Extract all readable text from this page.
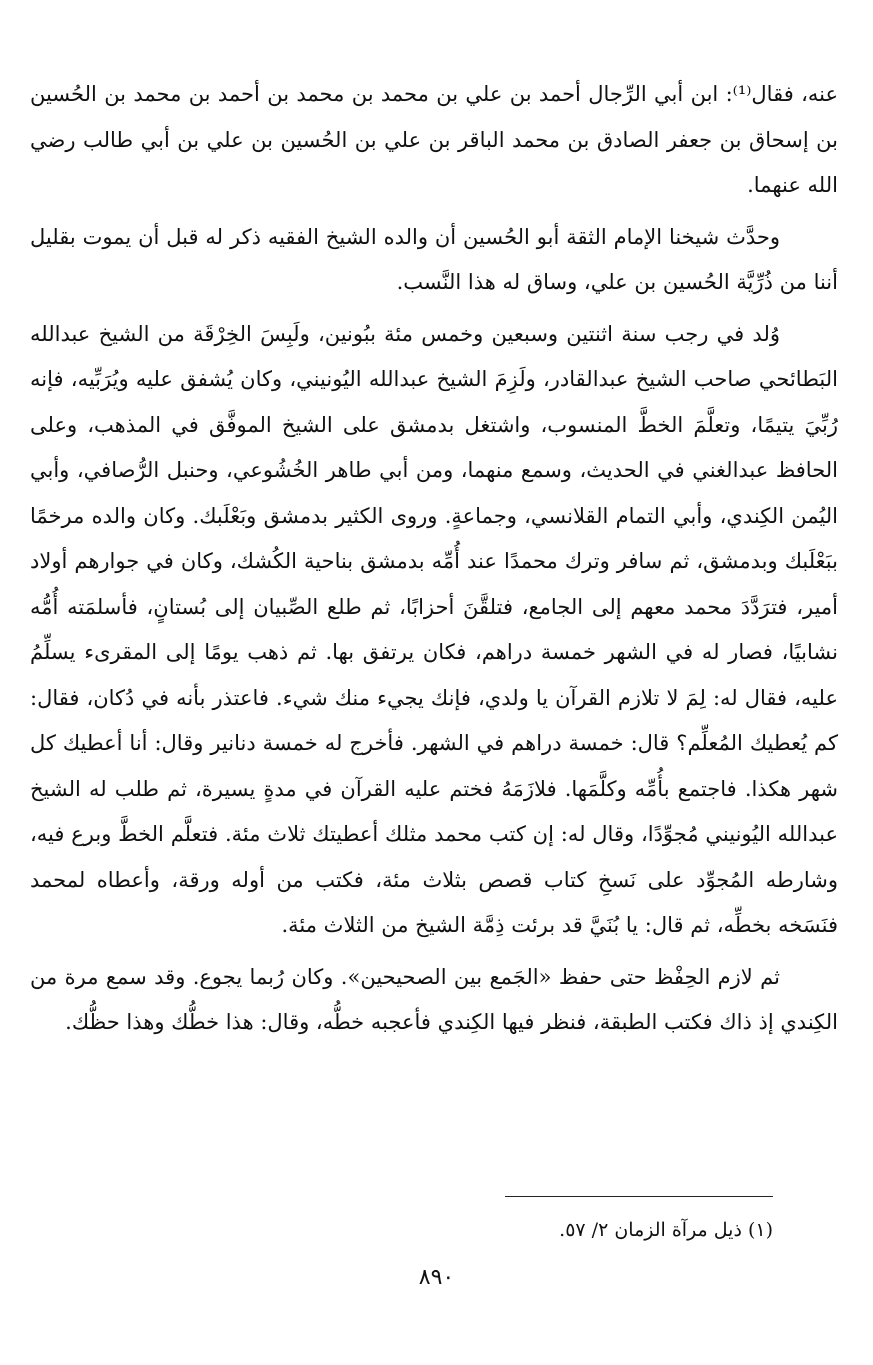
عنه، فقال⁽¹⁾: ابن أبي الرِّجال أحمد بن علي بن محمد بن محمد بن أحمد بن محمد بن الحُسين بن إسحاق بن جعفر الصادق بن محمد الباقر بن علي بن الحُسين بن علي بن أبي طالب رضي الله عنهما.

وحدَّث شيخنا الإمام الثقة أبو الحُسين أن والده الشيخ الفقيه ذكر له قبل أن يموت بقليل أننا من ذُرِّيَّة الحُسين بن علي، وساق له هذا النَّسب.

وُلد في رجب سنة اثنتين وسبعين وخمس مئة ببُونين، ولَبِسَ الخِرْقَة من الشيخ عبدالله البَطائحي صاحب الشيخ عبدالقادر، ولَزِمَ الشيخ عبدالله اليُونيني، وكان يُشفق عليه ويُرَبِّيه، فإنه رُبِّيَ يتيمًا، وتعلَّمَ الخطَّ المنسوب، واشتغل بدمشق على الشيخ الموفَّق في المذهب، وعلى الحافظ عبدالغني في الحديث، وسمع منهما، ومن أبي طاهر الخُشُوعي، وحنبل الرُّصافي، وأبي اليُمن الكِندي، وأبي التمام القلانسي، وجماعةٍ. وروى الكثير بدمشق وبَعْلَبك. وكان والده مرخمًا ببَعْلَبك وبدمشق، ثم سافر وترك محمدًا عند أُمِّه بدمشق بناحية الكُشك، وكان في جوارهم أولاد أمير، فترَدَّدَ محمد معهم إلى الجامع، فتلقَّنَ أحزابًا، ثم طلع الصِّبيان إلى بُستانٍ، فأسلمَته أُمُّه نشابيًا، فصار له في الشهر خمسة دراهم، فكان يرتفق بها. ثم ذهب يومًا إلى المقرىء يسلِّمُ عليه، فقال له: لِمَ لا تلازم القرآن يا ولدي، فإنك يجيء منك شيء. فاعتذر بأنه في دُكان، فقال: كم يُعطيك المُعلِّم؟ قال: خمسة دراهم في الشهر. فأخرج له خمسة دنانير وقال: أنا أعطيك كل شهر هكذا. فاجتمع بأُمِّه وكلَّمَها. فلازَمَهُ فختم عليه القرآن في مدةٍ يسيرة، ثم طلب له الشيخ عبدالله اليُونيني مُجوِّدًا، وقال له: إن كتب محمد مثلك أعطيتك ثلاث مئة. فتعلَّم الخطَّ وبرع فيه، وشارطه المُجوِّد على نَسخِ كتاب قصص بثلاث مئة، فكتب من أوله ورقة، وأعطاه لمحمد فنَسَخه بخطِّه، ثم قال: يا بُنَيَّ قد برئت ذِمَّة الشيخ من الثلاث مئة.

ثم لازم الحِفْظ حتى حفظ «الجَمع بين الصحيحين». وكان رُبما يجوع. وقد سمع مرة من الكِندي إذ ذاك فكتب الطبقة، فنظر فيها الكِندي فأعجبه خطُّه، وقال: هذا خطُّك وهذا حظُّك.

(١) ذيل مرآة الزمان ٢/ ٥٧.
٨٩٠
